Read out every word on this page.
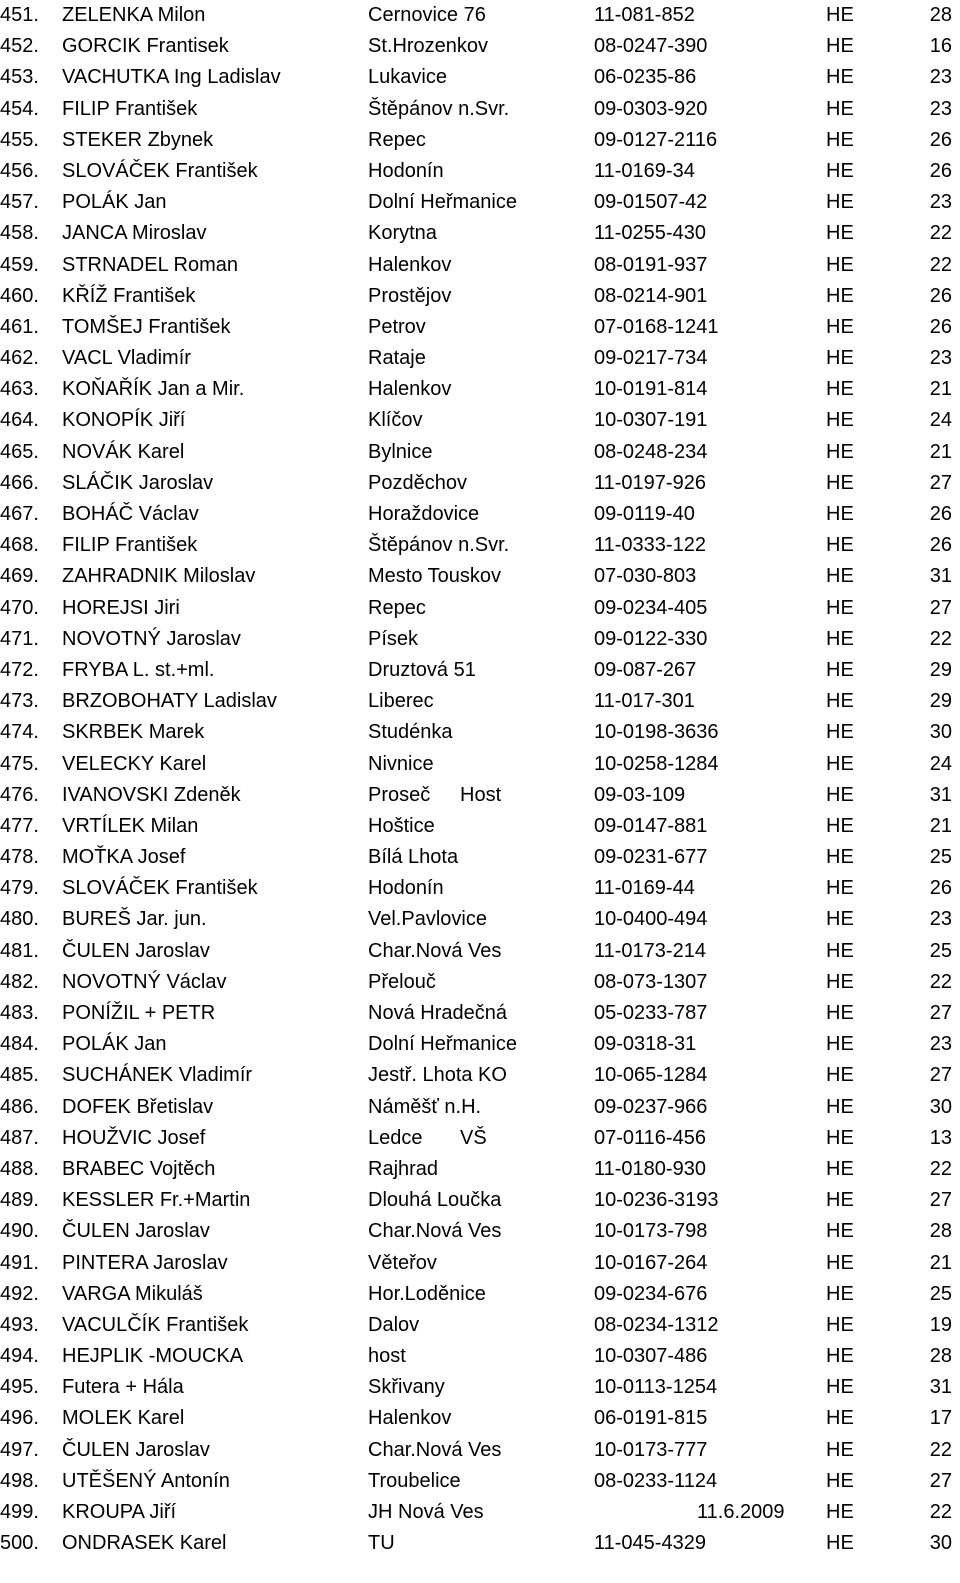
451.	ZELENKA Milon	Cernovice 76	11-081-852	HE	28
452.	GORCIK Frantisek	St.Hrozenkov	08-0247-390	HE	16
453.	VACHUTKA Ing Ladislav	Lukavice	06-0235-86	HE	23
454.	FILIP František	Štěpánov n.Svr.	09-0303-920	HE	23
455.	STEKER Zbynek	Repec	09-0127-2116	HE	26
456.	SLOVÁČEK František	Hodonín	11-0169-34	HE	26
457.	POLÁK Jan	Dolní Heřmanice	09-01507-42	HE	23
458.	JANCA Miroslav	Korytna	11-0255-430	HE	22
459.	STRNADEL Roman	Halenkov	08-0191-937	HE	22
460.	KŘÍŽ František	Prostějov	08-0214-901	HE	26
461.	TOMŠEJ František	Petrov	07-0168-1241	HE	26
462.	VACL Vladimír	Rataje	09-0217-734	HE	23
463.	KOŇAŘÍK Jan a Mir.	Halenkov	10-0191-814	HE	21
464.	KONOPÍK Jiří	Klíčov	10-0307-191	HE	24
465.	NOVÁK Karel	Bylnice	08-0248-234	HE	21
466.	SLÁČIK Jaroslav	Pozděchov	11-0197-926	HE	27
467.	BOHÁČ Václav	Horaždovice	09-0119-40	HE	26
468.	FILIP František	Štěpánov n.Svr.	11-0333-122	HE	26
469.	ZAHRADNIK Miloslav	Mesto Touskov	07-030-803	HE	31
470.	HOREJSI Jiri	Repec	09-0234-405	HE	27
471.	NOVOTNÝ Jaroslav	Písek	09-0122-330	HE	22
472.	FRYBA L. st.+ml.	Druztová 51	09-087-267	HE	29
473.	BRZOBOHATY Ladislav	Liberec	11-017-301	HE	29
474.	SKRBEK Marek	Studénka	10-0198-3636	HE	30
475.	VELECKY Karel	Nivnice	10-0258-1284	HE	24
476.	IVANOVSKI Zdeněk	Proseč Host	09-03-109	HE	31
477.	VRTÍLEK Milan	Hoštice	09-0147-881	HE	21
478.	MOŤKA Josef	Bílá Lhota	09-0231-677	HE	25
479.	SLOVÁČEK František	Hodonín	11-0169-44	HE	26
480.	BUREŠ Jar. jun.	Vel.Pavlovice	10-0400-494	HE	23
481.	ČULEN Jaroslav	Char.Nová Ves	11-0173-214	HE	25
482.	NOVOTNÝ Václav	Přelouč	08-073-1307	HE	22
483.	PONÍŽIL + PETR	Nová Hradečná	05-0233-787	HE	27
484.	POLÁK Jan	Dolní Heřmanice	09-0318-31	HE	23
485.	SUCHÁNEK Vladimír	Jestř. Lhota KO	10-065-1284	HE	27
486.	DOFEK Břetislav	Náměšť n.H.	09-0237-966	HE	30
487.	HOUŽVIC Josef	Ledce VŠ	07-0116-456	HE	13
488.	BRABEC Vojtěch	Rajhrad	11-0180-930	HE	22
489.	KESSLER Fr.+Martin	Dlouhá Loučka	10-0236-3193	HE	27
490.	ČULEN Jaroslav	Char.Nová Ves	10-0173-798	HE	28
491.	PINTERA Jaroslav	Věteřov	10-0167-264	HE	21
492.	VARGA Mikuláš	Hor.Loděnice	09-0234-676	HE	25
493.	VACULČÍK František	Dalov	08-0234-1312	HE	19
494.	HEJPLIK -MOUCKA	host	10-0307-486	HE	28
495.	Futera + Hála	Skřivany	10-0113-1254	HE	31
496.	MOLEK Karel	Halenkov	06-0191-815	HE	17
497.	ČULEN Jaroslav	Char.Nová Ves	10-0173-777	HE	22
498.	UTĚŠENÝ Antonín	Troubelice	08-0233-1124	HE	27
499.	KROUPA Jiří	JH Nová Ves	11.6.2009 HE	22
500.	ONDRASEK Karel	TU	11-045-4329	HE	30
